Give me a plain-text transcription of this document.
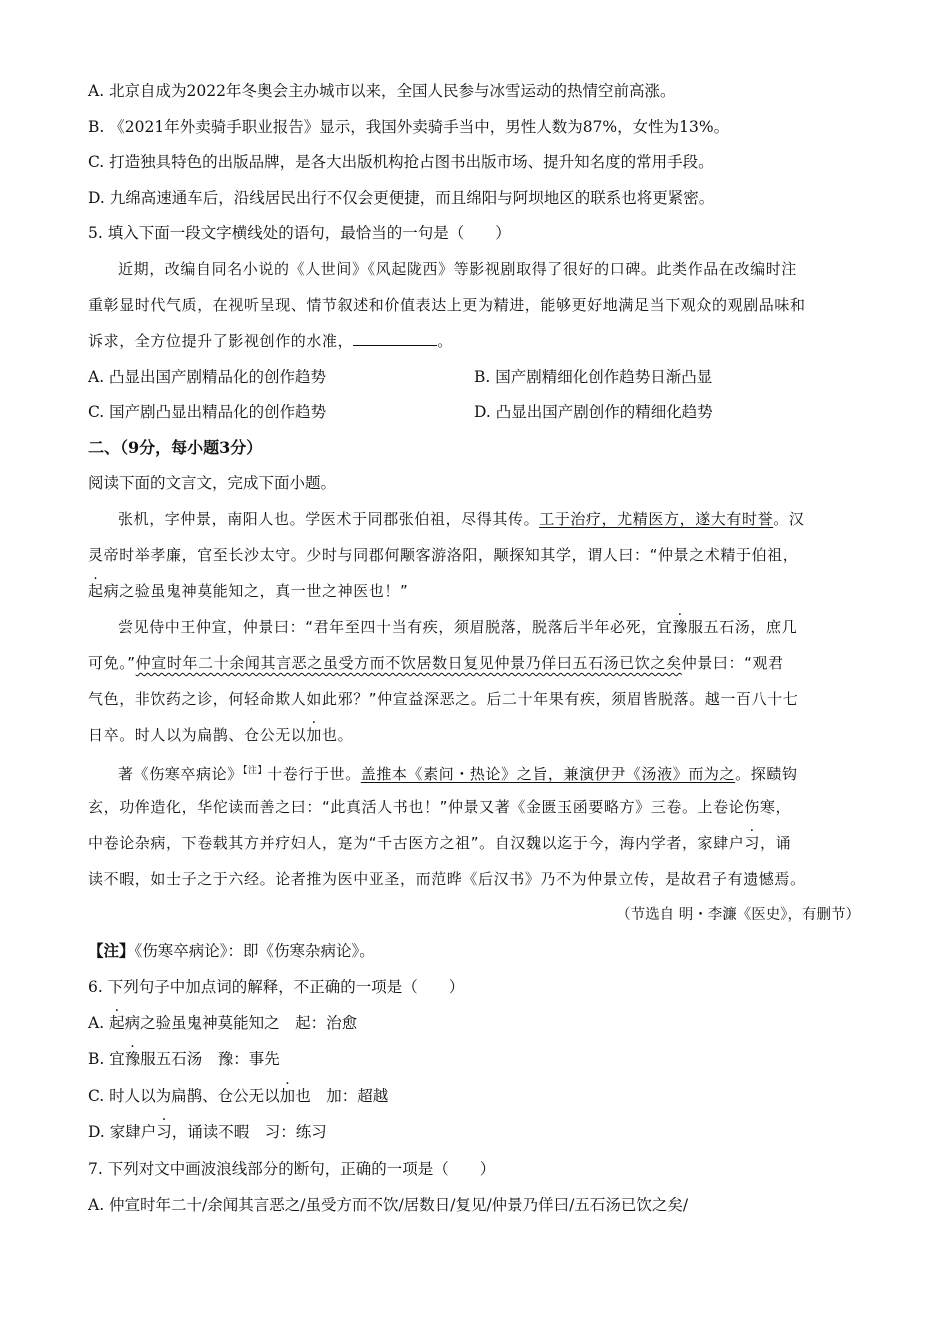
A. 北京自成为2022年冬奥会主办城市以来，全国人民参与冰雪运动的热情空前高涨。
B. 《2021年外卖骑手职业报告》显示，我国外卖骑手当中，男性人数为87%，女性为13%。
C. 打造独具特色的出版品牌，是各大出版机构抢占图书出版市场、提升知名度的常用手段。
D. 九绵高速通车后，沿线居民出行不仅会更便捷，而且绵阳与阿坝地区的联系也将更紧密。
5. 填入下面一段文字横线处的语句，最恰当的一句是（　　）
近期，改编自同名小说的《人世间》《风起陇西》等影视剧取得了很好的口碑。此类作品在改编时注
重彰显时代气质，在视听呈现、情节叙述和价值表达上更为精进，能够更好地满足当下观众的观剧品味和
诉求，全方位提升了影视创作的水准，	。
A. 凸显出国产剧精品化的创作趋势	B. 国产剧精细化创作趋势日渐凸显
C. 国产剧凸显出精品化的创作趋势	D. 凸显出国产剧创作的精细化趋势
二、（9分，每小题3分）
阅读下面的文言文，完成下面小题。
张机，字仲景，南阳人也。学医术于同郡张伯祖，尽得其传。工于治疗，尤精医方，遂大有时誉。汉
灵帝时举孝廉，官至长沙太守。少时与同郡何颙客游洛阳，颙探知其学，谓人曰：“仲景之术精于伯祖，
起病之验虽鬼神莫能知之，真一世之神医也！”
尝见侍中王仲宣，仲景曰：“君年至四十当有疾，须眉脱落，脱落后半年必死，宜豫服五石汤，庶几
可免。”仲宣时年二十余闻其言恶之虽受方而不饮居数日复见仲景乃佯曰五石汤已饮之矣仲景曰：“观君
气色，非饮药之诊，何轻命欺人如此邪？”仲宣益深恶之。后二十年果有疾，须眉皆脱落。越一百八十七
日卒。时人以为扁鹊、仓公无以加也。
著《伤寒卒病论》$^{【注】}$十卷行于世。盖推本《素问・热论》之旨，兼演伊尹《汤液》而为之。探赜钩
玄，功侔造化，华佗读而善之曰：“此真活人书也！”仲景又著《金匮玉函要略方》三卷。上卷论伤寒，
中卷论杂病，下卷载其方并疗妇人，寔为“千古医方之祖”。自汉魏以迄于今，海内学者，家肆户习，诵
读不暇，如士子之于六经。论者推为医中亚圣，而范晔《后汉书》乃不为仲景立传，是故君子有遗憾焉。
（节选自 明・李濂《医史》，有删节）
【注】《伤寒卒病论》：即《伤寒杂病论》。
6. 下列句子中加点词的解释，不正确的一项是（　　）
A. 起病之验虽鬼神莫能知之　起：治愈
B. 宜豫服五石汤　豫：事先
C. 时人以为扁鹊、仓公无以加也　加：超越
D. 家肆户习，诵读不暇　习：练习
7. 下列对文中画波浪线部分的断句，正确的一项是（　　）
A. 仲宣时年二十/余闻其言恶之/虽受方而不饮/居数日/复见/仲景乃佯曰/五石汤已饮之矣/
